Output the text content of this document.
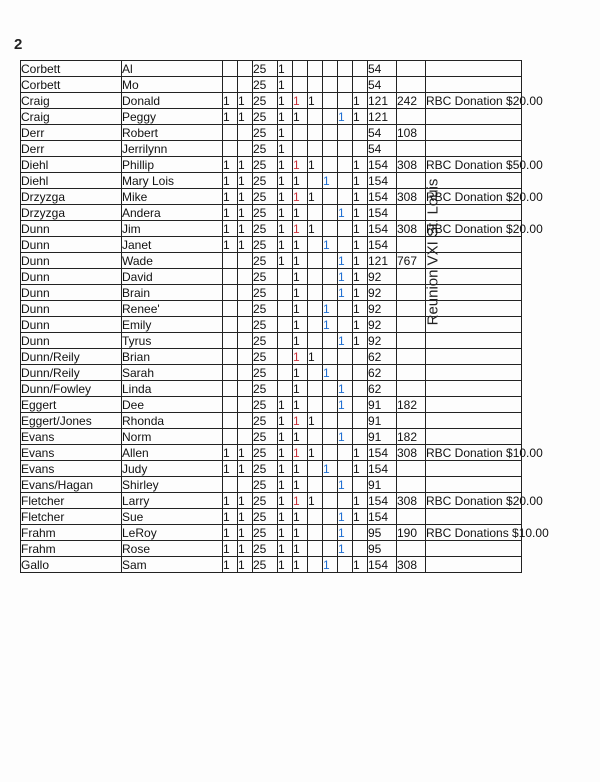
2
Reunion VXI St. Louis
Corbett	Al			25	1						54		
Corbett	Mo			25	1						54		
Craig	Donald	1	1	25	1	1	1			1	121	242	RBC Donation $20.00
Craig	Peggy	1	1	25	1	1			1	1	121		
Derr	Robert			25	1						54	108	
Derr	Jerrilynn			25	1						54		
Diehl	Phillip	1	1	25	1	1	1			1	154	308	RBC Donation $50.00
Diehl	Mary Lois	1	1	25	1	1		1		1	154		
Drzyzga	Mike	1	1	25	1	1	1			1	154	308	RBC Donation $20.00
Drzyzga	Andera	1	1	25	1	1			1	1	154		
Dunn	Jim	1	1	25	1	1	1			1	154	308	RBC Donation $20.00
Dunn	Janet	1	1	25	1	1		1		1	154		
Dunn	Wade			25	1	1			1	1	121	767	
Dunn	David			25		1			1	1	92		
Dunn	Brain			25		1			1	1	92		
Dunn	Renee'			25		1		1		1	92		
Dunn	Emily			25		1		1		1	92		
Dunn	Tyrus			25		1			1	1	92		
Dunn/Reily	Brian			25		1	1				62		
Dunn/Reily	Sarah			25		1		1			62		
Dunn/Fowley	Linda			25		1			1		62		
Eggert	Dee			25	1	1			1		91	182	
Eggert/Jones	Rhonda			25	1	1	1				91		
Evans	Norm			25	1	1			1		91	182	
Evans	Allen	1	1	25	1	1	1			1	154	308	RBC Donation $10.00
Evans	Judy	1	1	25	1	1		1		1	154		
Evans/Hagan	Shirley			25	1	1			1		91		
Fletcher	Larry	1	1	25	1	1	1			1	154	308	RBC Donation $20.00
Fletcher	Sue	1	1	25	1	1			1	1	154		
Frahm	LeRoy	1	1	25	1	1			1		95	190	RBC Donations $10.00
Frahm	Rose	1	1	25	1	1			1		95		
Gallo	Sam	1	1	25	1	1		1		1	154	308	
